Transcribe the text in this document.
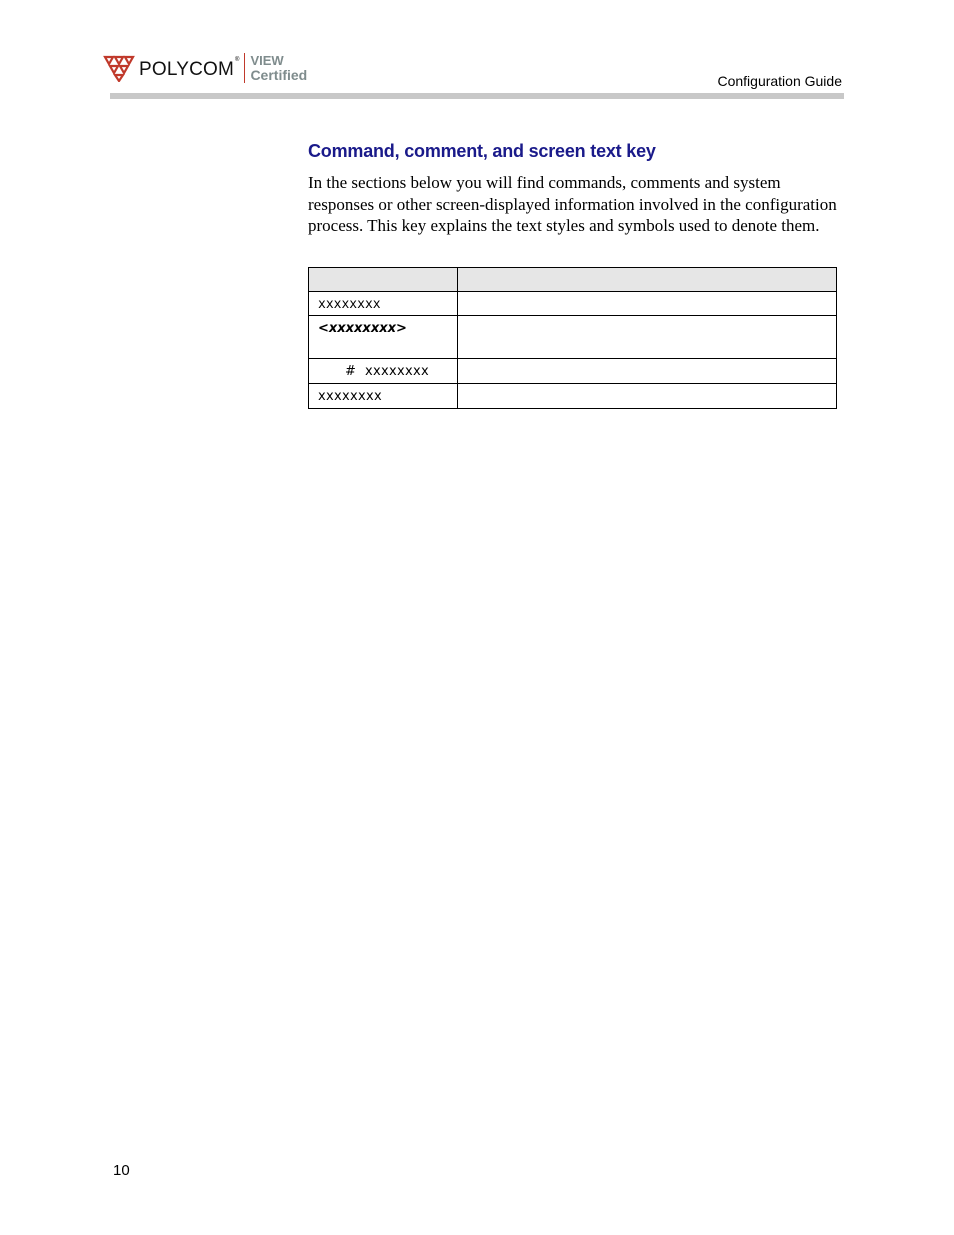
POLYCOM ® VIEW
Certified	Configuration Guide
Command, comment, and screen text key

In the sections below you will find commands, comments and system responses or other screen-displayed information involved in the configuration process. This key explains the text styles and symbols used to denote them.

xxxxxxxx	

<xxxxxxxx>	

#  xxxxxxxx	

xxxxxxxx	

10
